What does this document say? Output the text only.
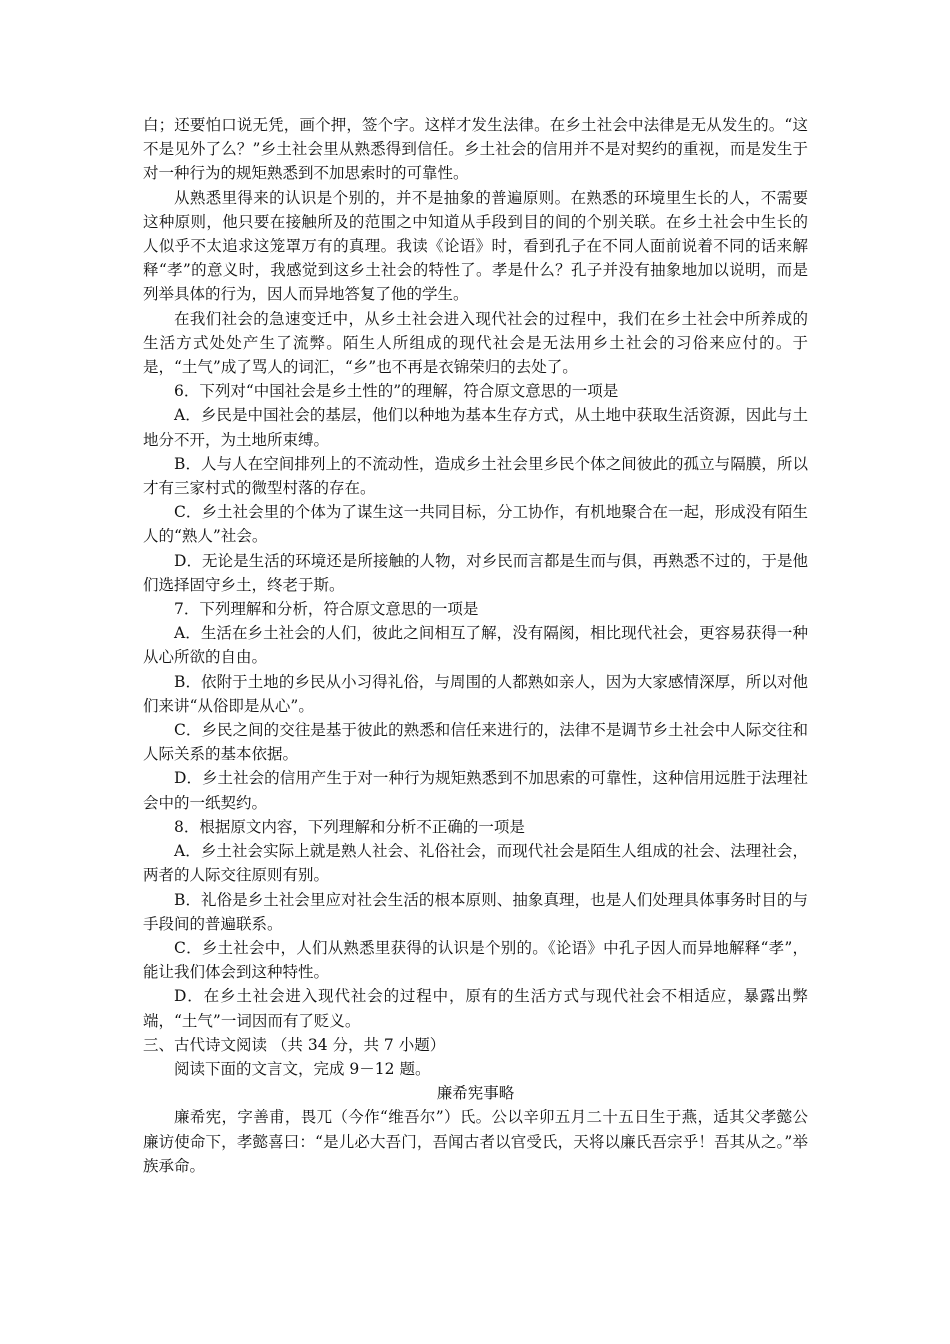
白；还要怕口说无凭，画个押，签个字。这样才发生法律。在乡土社会中法律是无从发生的。“这不是见外了么？”乡土社会里从熟悉得到信任。乡土社会的信用并不是对契约的重视，而是发生于对一种行为的规矩熟悉到不加思索时的可靠性。

从熟悉里得来的认识是个别的，并不是抽象的普遍原则。在熟悉的环境里生长的人，不需要这种原则，他只要在接触所及的范围之中知道从手段到目的间的个别关联。在乡土社会中生长的人似乎不太追求这笼罩万有的真理。我读《论语》时，看到孔子在不同人面前说着不同的话来解释“孝”的意义时，我感觉到这乡土社会的特性了。孝是什么？孔子并没有抽象地加以说明，而是列举具体的行为，因人而异地答复了他的学生。

在我们社会的急速变迁中，从乡土社会进入现代社会的过程中，我们在乡土社会中所养成的生活方式处处产生了流弊。陌生人所组成的现代社会是无法用乡土社会的习俗来应付的。于是，“土气”成了骂人的词汇，“乡”也不再是衣锦荣归的去处了。

6．下列对“中国社会是乡土性的”的理解，符合原文意思的一项是

A．乡民是中国社会的基层，他们以种地为基本生存方式，从土地中获取生活资源，因此与土地分不开，为土地所束缚。

B．人与人在空间排列上的不流动性，造成乡土社会里乡民个体之间彼此的孤立与隔膜，所以才有三家村式的微型村落的存在。

C．乡土社会里的个体为了谋生这一共同目标，分工协作，有机地聚合在一起，形成没有陌生人的“熟人”社会。

D．无论是生活的环境还是所接触的人物，对乡民而言都是生而与俱，再熟悉不过的，于是他们选择固守乡土，终老于斯。

7．下列理解和分析，符合原文意思的一项是

A．生活在乡土社会的人们，彼此之间相互了解，没有隔阂，相比现代社会，更容易获得一种从心所欲的自由。

B．依附于土地的乡民从小习得礼俗，与周围的人都熟如亲人，因为大家感情深厚，所以对他们来讲“从俗即是从心”。

C．乡民之间的交往是基于彼此的熟悉和信任来进行的，法律不是调节乡土社会中人际交往和人际关系的基本依据。

D．乡土社会的信用产生于对一种行为规矩熟悉到不加思索的可靠性，这种信用远胜于法理社会中的一纸契约。

8．根据原文内容，下列理解和分析不正确的一项是

A．乡土社会实际上就是熟人社会、礼俗社会，而现代社会是陌生人组成的社会、法理社会，两者的人际交往原则有别。

B．礼俗是乡土社会里应对社会生活的根本原则、抽象真理，也是人们处理具体事务时目的与手段间的普遍联系。

C．乡土社会中，人们从熟悉里获得的认识是个别的。《论语》中孔子因人而异地解释“孝”，能让我们体会到这种特性。

D．在乡土社会进入现代社会的过程中，原有的生活方式与现代社会不相适应，暴露出弊端，“土气”一词因而有了贬义。

三、古代诗文阅读 （共 34 分，共 7 小题）

阅读下面的文言文，完成 9－12 题。

廉希宪事略

廉希宪，字善甫，畏兀（今作“维吾尔”）氏。公以辛卯五月二十五日生于燕，适其父孝懿公廉访使命下，孝懿喜曰：“是儿必大吾门，吾闻古者以官受氏，天将以廉氏吾宗乎！吾其从之。”举族承命。
